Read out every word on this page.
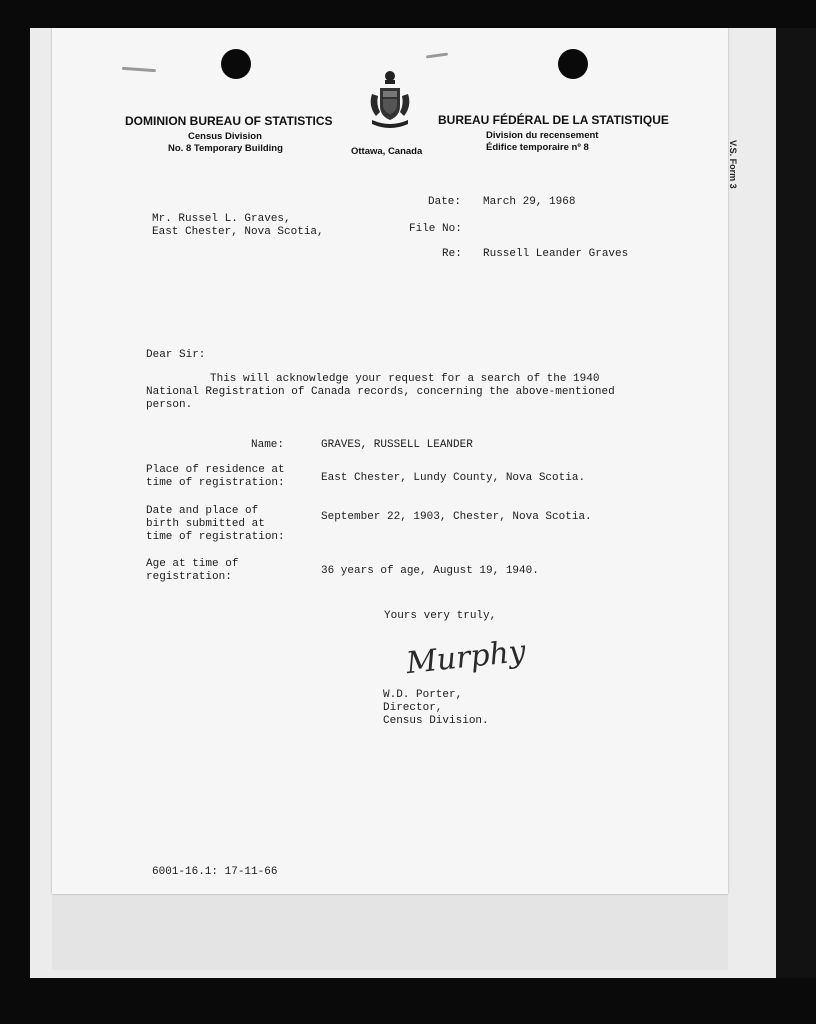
V.S. Form 3
DOMINION BUREAU OF STATISTICS
Census Division
No. 8 Temporary Building	Ottawa, Canada
BUREAU FÉDÉRAL DE LA STATISTIQUE
Division du recensement
Édifice temporaire nº 8
Mr. Russel L. Graves,
East Chester, Nova Scotia,
Date: March 29, 1968
File No:
Re: Russell Leander Graves
Dear Sir:
This will acknowledge your request for a search of the 1940
National Registration of Canada records, concerning the above-mentioned
person.
Name:	GRAVES, RUSSELL LEANDER
Place of residence at
time of registration:	East Chester, Lundy County, Nova Scotia.
Date and place of
birth submitted at
time of registration:
September 22, 1903, Chester, Nova Scotia.
Age at time of
registration:	36 years of age, August 19, 1940.
Yours very truly,
Murphy
W.D. Porter,
Director,
Census Division.
6001-16.1: 17-11-66
